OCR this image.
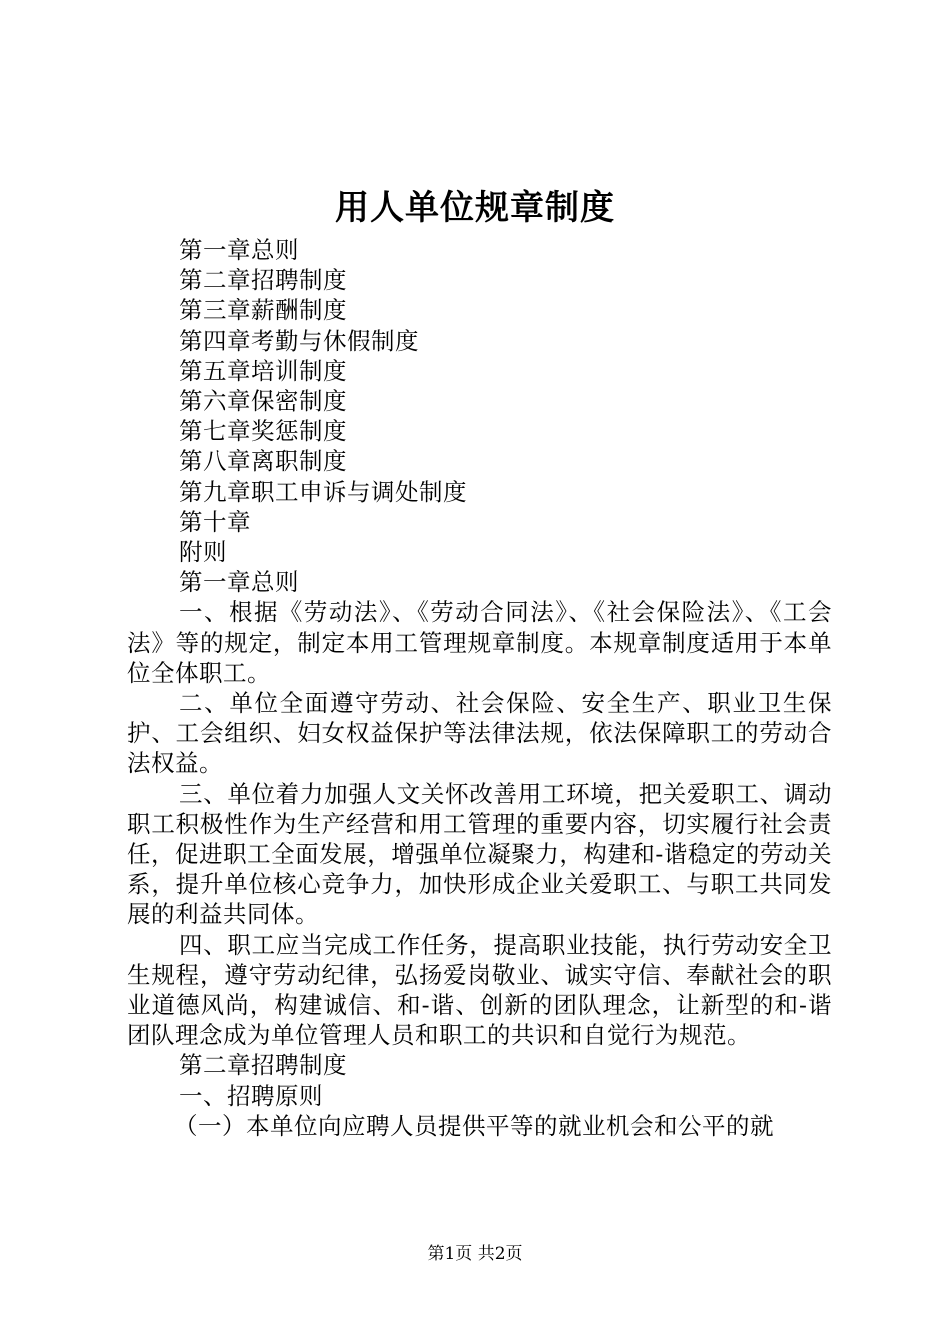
用人单位规章制度

第一章总则

第二章招聘制度

第三章薪酬制度

第四章考勤与休假制度

第五章培训制度

第六章保密制度

第七章奖惩制度

第八章离职制度

第九章职工申诉与调处制度

第十章

附则

第一章总则

一、根据《劳动法》、《劳动合同法》、《社会保险法》、《工会法》等的规定，制定本用工管理规章制度。本规章制度适用于本单位全体职工。

二、单位全面遵守劳动、社会保险、安全生产、职业卫生保护、工会组织、妇女权益保护等法律法规，依法保障职工的劳动合法权益。

三、单位着力加强人文关怀改善用工环境，把关爱职工、调动职工积极性作为生产经营和用工管理的重要内容，切实履行社会责任，促进职工全面发展，增强单位凝聚力，构建和-谐稳定的劳动关系，提升单位核心竞争力，加快形成企业关爱职工、与职工共同发展的利益共同体。

四、职工应当完成工作任务，提高职业技能，执行劳动安全卫生规程，遵守劳动纪律，弘扬爱岗敬业、诚实守信、奉献社会的职业道德风尚，构建诚信、和-谐、创新的团队理念，让新型的和-谐团队理念成为单位管理人员和职工的共识和自觉行为规范。

第二章招聘制度

一、招聘原则

（一）本单位向应聘人员提供平等的就业机会和公平的就

第1页 共2页
